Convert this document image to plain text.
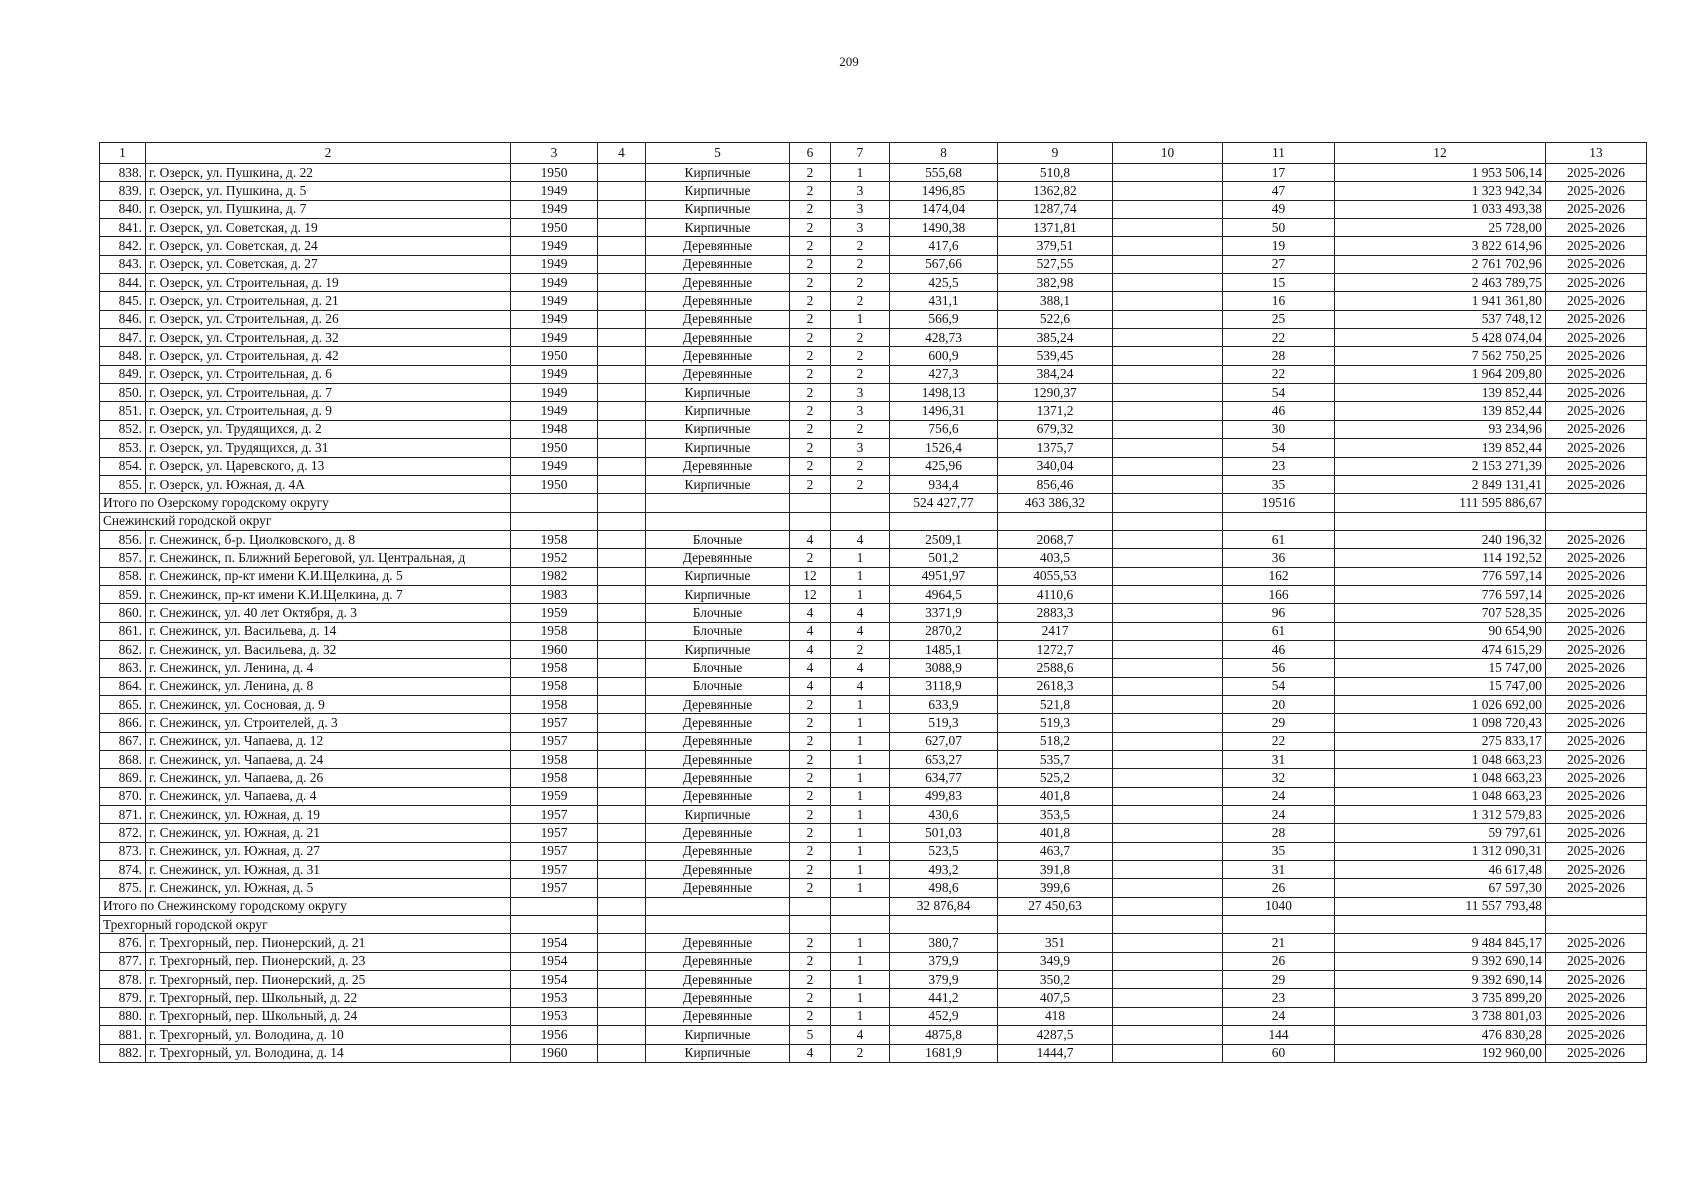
209
1	2	3	4	5	6	7	8	9	10	11	12	13
838.	г. Озерск, ул. Пушкина, д. 22	1950		Кирпичные	2	1	555,68	510,8		17	1 953 506,14	2025-2026
839.	г. Озерск, ул. Пушкина, д. 5	1949		Кирпичные	2	3	1496,85	1362,82		47	1 323 942,34	2025-2026
840.	г. Озерск, ул. Пушкина, д. 7	1949		Кирпичные	2	3	1474,04	1287,74		49	1 033 493,38	2025-2026
841.	г. Озерск, ул. Советская, д. 19	1950		Кирпичные	2	3	1490,38	1371,81		50	25 728,00	2025-2026
842.	г. Озерск, ул. Советская, д. 24	1949		Деревянные	2	2	417,6	379,51		19	3 822 614,96	2025-2026
843.	г. Озерск, ул. Советская, д. 27	1949		Деревянные	2	2	567,66	527,55		27	2 761 702,96	2025-2026
844.	г. Озерск, ул. Строительная, д. 19	1949		Деревянные	2	2	425,5	382,98		15	2 463 789,75	2025-2026
845.	г. Озерск, ул. Строительная, д. 21	1949		Деревянные	2	2	431,1	388,1		16	1 941 361,80	2025-2026
846.	г. Озерск, ул. Строительная, д. 26	1949		Деревянные	2	1	566,9	522,6		25	537 748,12	2025-2026
847.	г. Озерск, ул. Строительная, д. 32	1949		Деревянные	2	2	428,73	385,24		22	5 428 074,04	2025-2026
848.	г. Озерск, ул. Строительная, д. 42	1950		Деревянные	2	2	600,9	539,45		28	7 562 750,25	2025-2026
849.	г. Озерск, ул. Строительная, д. 6	1949		Деревянные	2	2	427,3	384,24		22	1 964 209,80	2025-2026
850.	г. Озерск, ул. Строительная, д. 7	1949		Кирпичные	2	3	1498,13	1290,37		54	139 852,44	2025-2026
851.	г. Озерск, ул. Строительная, д. 9	1949		Кирпичные	2	3	1496,31	1371,2		46	139 852,44	2025-2026
852.	г. Озерск, ул. Трудящихся, д. 2	1948		Кирпичные	2	2	756,6	679,32		30	93 234,96	2025-2026
853.	г. Озерск, ул. Трудящихся, д. 31	1950		Кирпичные	2	3	1526,4	1375,7		54	139 852,44	2025-2026
854.	г. Озерск, ул. Царевского, д. 13	1949		Деревянные	2	2	425,96	340,04		23	2 153 271,39	2025-2026
855.	г. Озерск, ул. Южная, д. 4А	1950		Кирпичные	2	2	934,4	856,46		35	2 849 131,41	2025-2026
Итого по Озерскому городскому округу							524 427,77	463 386,32		19516	111 595 886,67	
Снежинский городской округ												
856.	г. Снежинск, б-р. Циолковского, д. 8	1958		Блочные	4	4	2509,1	2068,7		61	240 196,32	2025-2026
857.	г. Снежинск, п. Ближний Береговой, ул. Центральная, д	1952		Деревянные	2	1	501,2	403,5		36	114 192,52	2025-2026
858.	г. Снежинск, пр-кт имени К.И.Щелкина, д. 5	1982		Кирпичные	12	1	4951,97	4055,53		162	776 597,14	2025-2026
859.	г. Снежинск, пр-кт имени К.И.Щелкина, д. 7	1983		Кирпичные	12	1	4964,5	4110,6		166	776 597,14	2025-2026
860.	г. Снежинск, ул. 40 лет Октября, д. 3	1959		Блочные	4	4	3371,9	2883,3		96	707 528,35	2025-2026
861.	г. Снежинск, ул. Васильева, д. 14	1958		Блочные	4	4	2870,2	2417		61	90 654,90	2025-2026
862.	г. Снежинск, ул. Васильева, д. 32	1960		Кирпичные	4	2	1485,1	1272,7		46	474 615,29	2025-2026
863.	г. Снежинск, ул. Ленина, д. 4	1958		Блочные	4	4	3088,9	2588,6		56	15 747,00	2025-2026
864.	г. Снежинск, ул. Ленина, д. 8	1958		Блочные	4	4	3118,9	2618,3		54	15 747,00	2025-2026
865.	г. Снежинск, ул. Сосновая, д. 9	1958		Деревянные	2	1	633,9	521,8		20	1 026 692,00	2025-2026
866.	г. Снежинск, ул. Строителей, д. 3	1957		Деревянные	2	1	519,3	519,3		29	1 098 720,43	2025-2026
867.	г. Снежинск, ул. Чапаева, д. 12	1957		Деревянные	2	1	627,07	518,2		22	275 833,17	2025-2026
868.	г. Снежинск, ул. Чапаева, д. 24	1958		Деревянные	2	1	653,27	535,7		31	1 048 663,23	2025-2026
869.	г. Снежинск, ул. Чапаева, д. 26	1958		Деревянные	2	1	634,77	525,2		32	1 048 663,23	2025-2026
870.	г. Снежинск, ул. Чапаева, д. 4	1959		Деревянные	2	1	499,83	401,8		24	1 048 663,23	2025-2026
871.	г. Снежинск, ул. Южная, д. 19	1957		Кирпичные	2	1	430,6	353,5		24	1 312 579,83	2025-2026
872.	г. Снежинск, ул. Южная, д. 21	1957		Деревянные	2	1	501,03	401,8		28	59 797,61	2025-2026
873.	г. Снежинск, ул. Южная, д. 27	1957		Деревянные	2	1	523,5	463,7		35	1 312 090,31	2025-2026
874.	г. Снежинск, ул. Южная, д. 31	1957		Деревянные	2	1	493,2	391,8		31	46 617,48	2025-2026
875.	г. Снежинск, ул. Южная, д. 5	1957		Деревянные	2	1	498,6	399,6		26	67 597,30	2025-2026
Итого по Снежинскому городскому округу							32 876,84	27 450,63		1040	11 557 793,48	
Трехгорный городской округ												
876.	г. Трехгорный, пер. Пионерский, д. 21	1954		Деревянные	2	1	380,7	351		21	9 484 845,17	2025-2026
877.	г. Трехгорный, пер. Пионерский, д. 23	1954		Деревянные	2	1	379,9	349,9		26	9 392 690,14	2025-2026
878.	г. Трехгорный, пер. Пионерский, д. 25	1954		Деревянные	2	1	379,9	350,2		29	9 392 690,14	2025-2026
879.	г. Трехгорный, пер. Школьный, д. 22	1953		Деревянные	2	1	441,2	407,5		23	3 735 899,20	2025-2026
880.	г. Трехгорный, пер. Школьный, д. 24	1953		Деревянные	2	1	452,9	418		24	3 738 801,03	2025-2026
881.	г. Трехгорный, ул. Володина, д. 10	1956		Кирпичные	5	4	4875,8	4287,5		144	476 830,28	2025-2026
882.	г. Трехгорный, ул. Володина, д. 14	1960		Кирпичные	4	2	1681,9	1444,7		60	192 960,00	2025-2026
